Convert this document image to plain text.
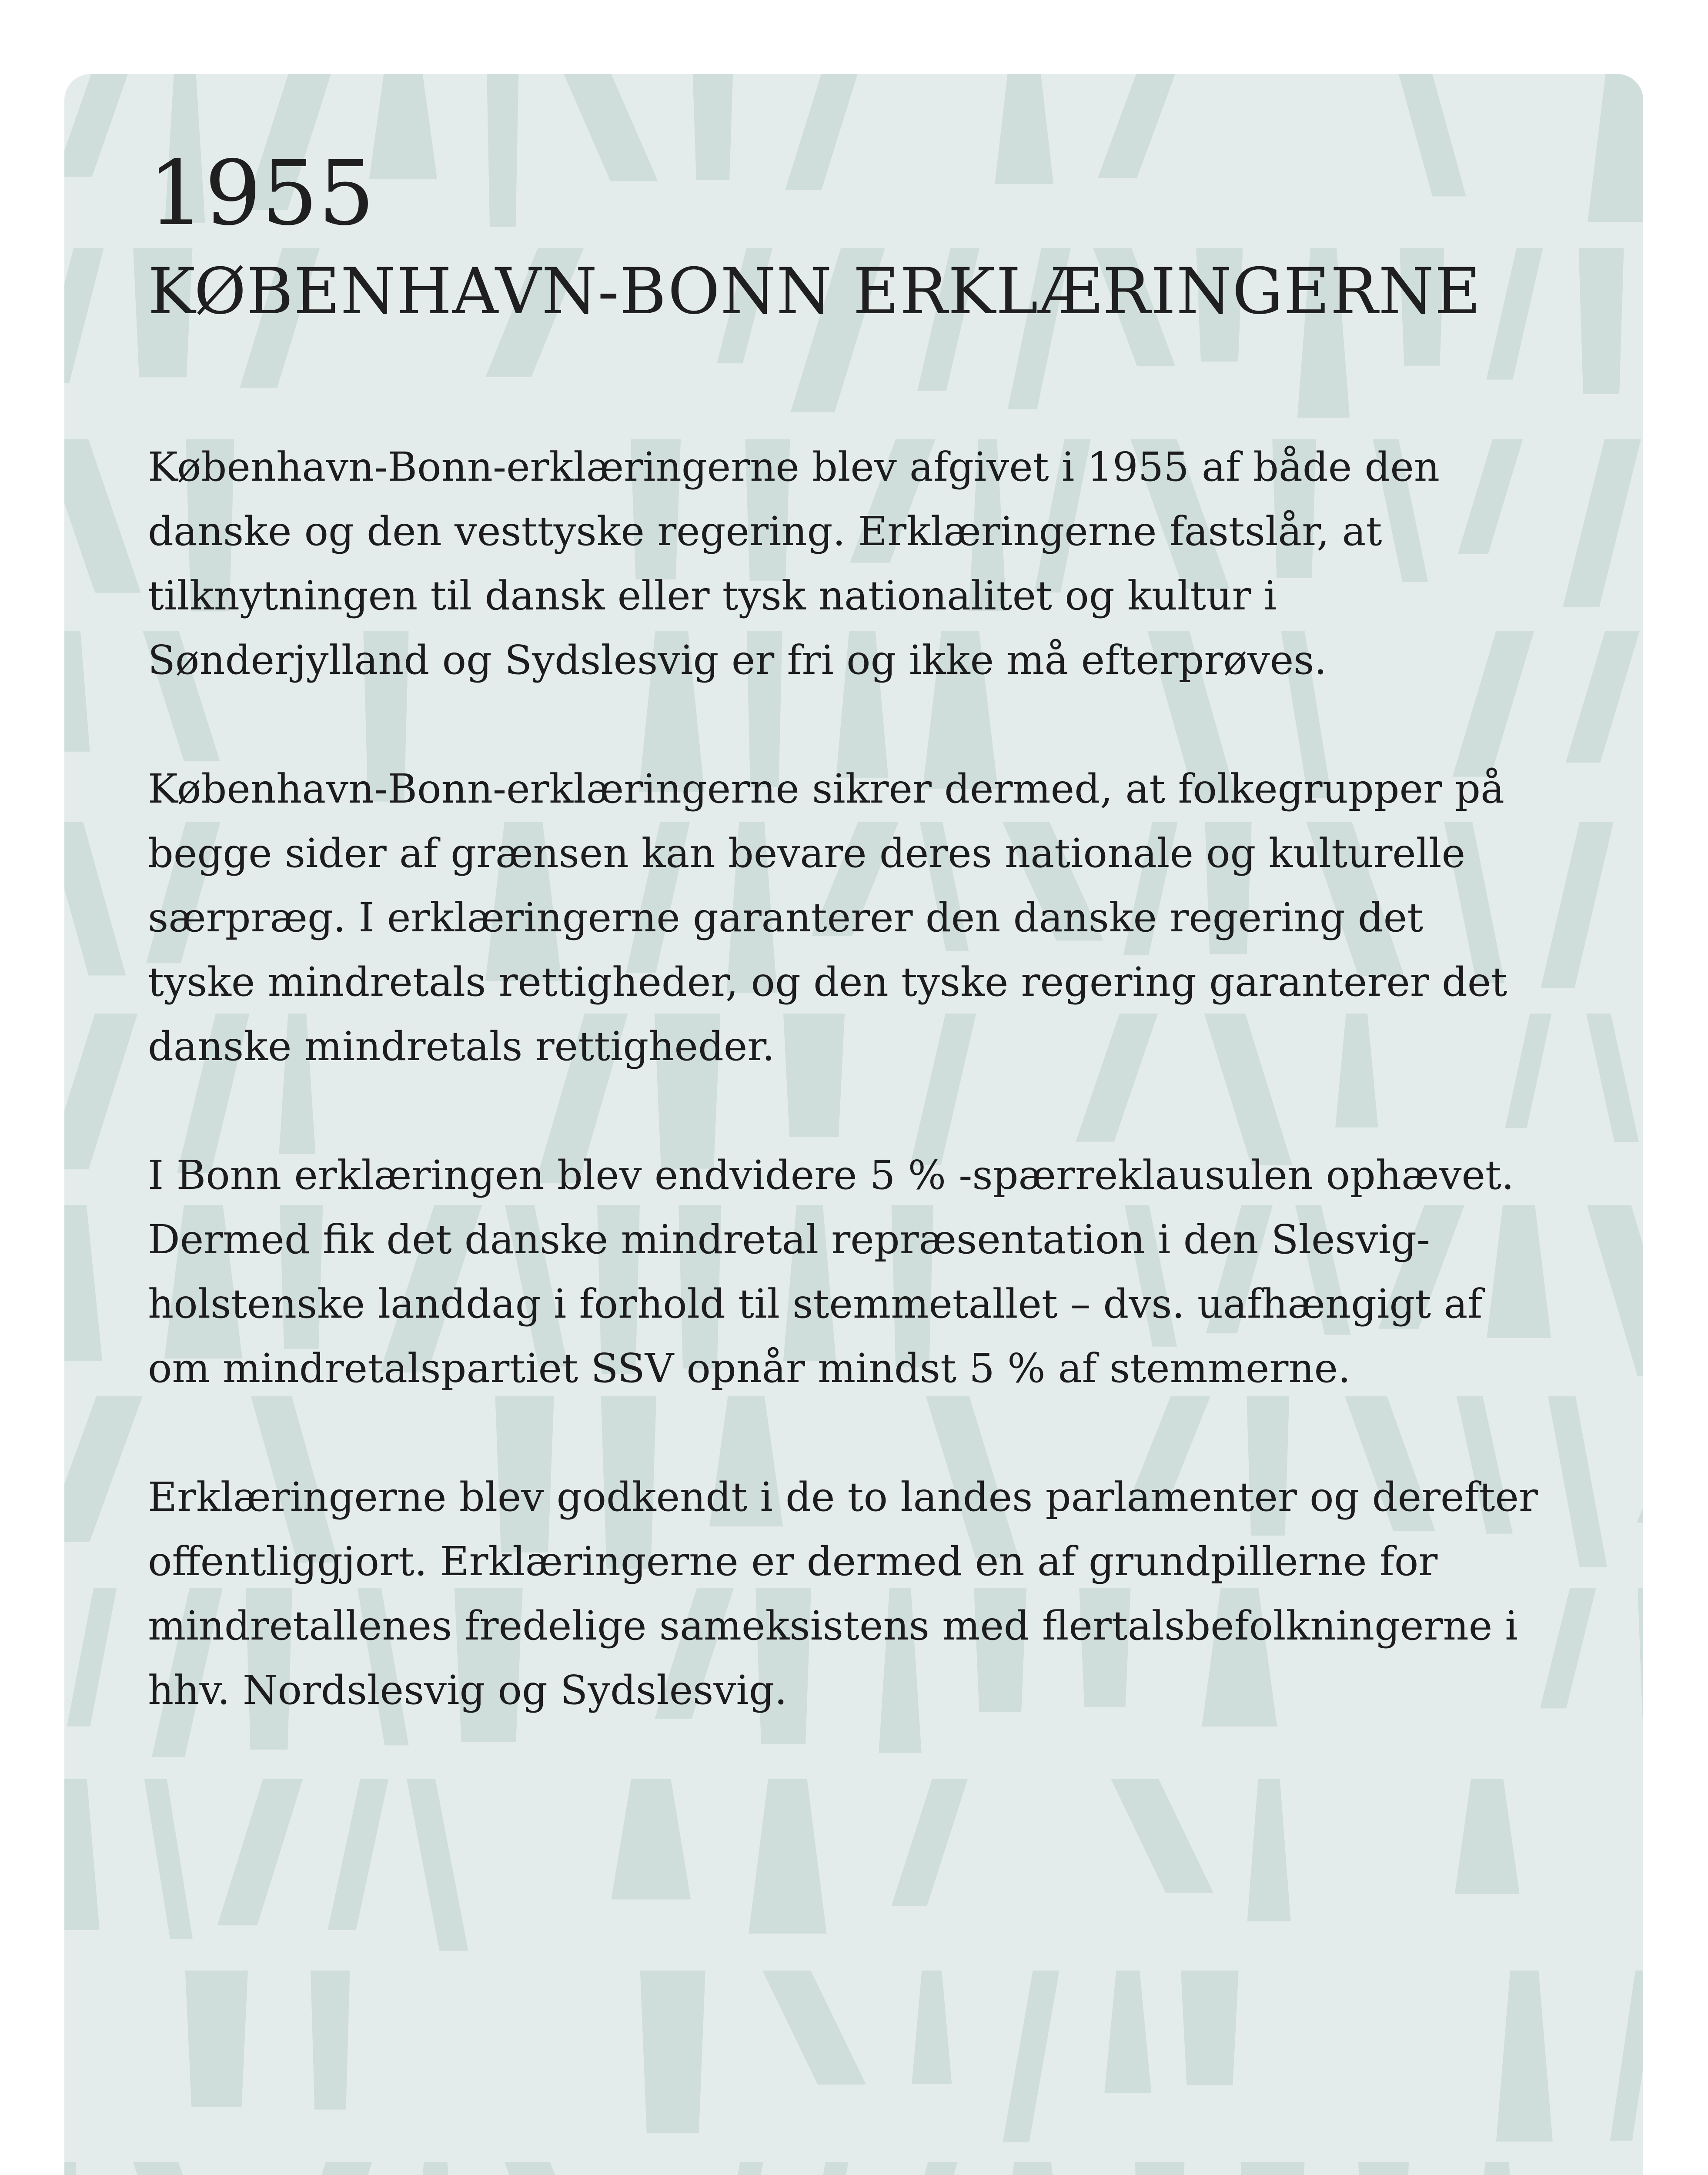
1955
KØBENHAVN-BONN ERKLÆRINGERNE

København-Bonn-erklæringerne blev afgivet i 1955 af både den danske og den vesttyske regering. Erklæringerne fastslår, at tilknytningen til dansk eller tysk nationalitet og kultur i Sønderjylland og Sydslesvig er fri og ikke må efterprøves.

København-Bonn-erklæringerne sikrer dermed, at folkegrupper på begge sider af grænsen kan bevare deres nationale og kulturelle særpræg. I erklæringerne garanterer den danske regering det tyske mindretals rettigheder, og den tyske regering garanterer det danske mindretals rettigheder.

I Bonn erklæringen blev endvidere 5 % -spærreklausulen ophævet. Dermed fik det danske mindretal repræsentation i den Slesvig-holstenske landdag i forhold til stemmetallet – dvs. uafhængigt af om mindretalspartiet SSV opnår mindst 5 % af stemmerne.

Erklæringerne blev godkendt i de to landes parlamenter og derefter offentliggjort. Erklæringerne er dermed en af grundpillerne for mindretallenes fredelige sameksistens med flertalsbefolkningerne i hhv. Nordslesvig og Sydslesvig.
